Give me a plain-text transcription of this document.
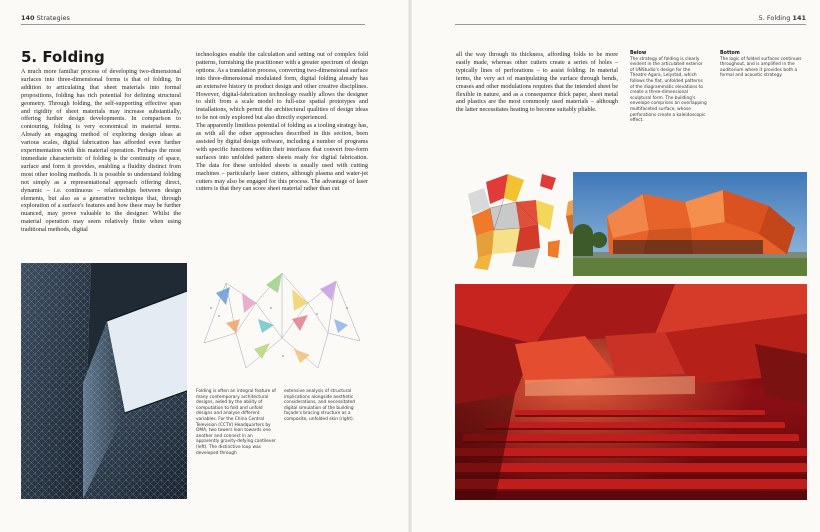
140 Strategies
5. Folding

A much more familiar process of developing two-dimensional surfaces into three-dimensional forms is that of folding. In addition to articulating that sheet materials into formal propositions, folding has rich potential for defining structural geometry. Through folding, the self-supporting effective span and rigidity of sheet materials may increase substantially, offering further design developments. In comparison to contouring, folding is very economical in material terms. Already an engaging method of exploring design ideas at various scales, digital fabrication has afforded even further experimentation with this material operation. Perhaps the most immediate characteristic of folding is the continuity of space, surface and form it provides, enabling a fluidity distinct from most other tooling methods. It is possible to understand folding not simply as a representational approach offering direct, dynamic – i.e. continuous – relationships between design elements, but also as a generative technique that, through exploration of a surface's features and how these may be further nuanced, may prove valuable to the designer. Whilst the material operation may seem relatively finite when using traditional methods, digital

technologies enable the calculation and setting out of complex fold patterns, furnishing the practitioner with a greater spectrum of design options. As a translation process, converting two-dimensional surface into three-dimensional modulated form, digital folding already has an extensive history in product design and other creative disciplines. However, digital-fabrication technology readily allows the designer to shift from a scale model to full-size spatial prototypes and installations, which permit the architectural qualities of design ideas to be not only explored but also directly experienced.
The apparently limitless potential of folding as a tooling strategy has, as with all the other approaches described in this section, been assisted by digital design software, including a number of programs with specific functions within their interfaces that convert free-form surfaces into unfolded pattern sheets ready for digital fabrication. The data for these unfolded sheets is usually used with cutting machines – particularly laser cutters, although plasma and water-jet cutters may also be engaged for this process. The advantage of laser cutters is that they can score sheet material rather than cut

Folding is often an integral feature of many contemporary architectural designs, aided by the ability of computation to fold and unfold designs and analyse different variables. For the China Central Television (CCTV) Headquarters by OMA, two towers lean towards one another and connect in an apparently gravity-defying cantilever (left). The distinctive loop was developed through

extensive analysis of structural implications alongside aesthetic considerations, and necessitated digital simulation of the building façade's bracing structure as a composite, unfolded skin (right).

5. Folding 141

all the way through its thickness, affording folds to be more easily made, whereas other cutters create a series of holes – typically lines of perforations – to assist folding. In material terms, the very act of manipulating the surface through bends, creases and other modulations requires that the intended sheet be flexible in nature, and as a consequence thick paper, sheet metal and plastics are the most commonly used materials – although the latter necessitates heating to become suitably pliable.

Below
The strategy of folding is clearly evident in the articulated exterior of UNStudio's design for the Theatre Agora, Lelystad, which follows the flat, unfolded patterns of the diagrammatic elevations to create a three-dimensional sculptural form. The building's envelope comprises an overlapping multifaceted surface, whose perforations create a kaleidoscopic effect.

Bottom
The logic of folded surfaces continues throughout, and is amplified in the auditorium where it provides both a formal and acoustic strategy.
